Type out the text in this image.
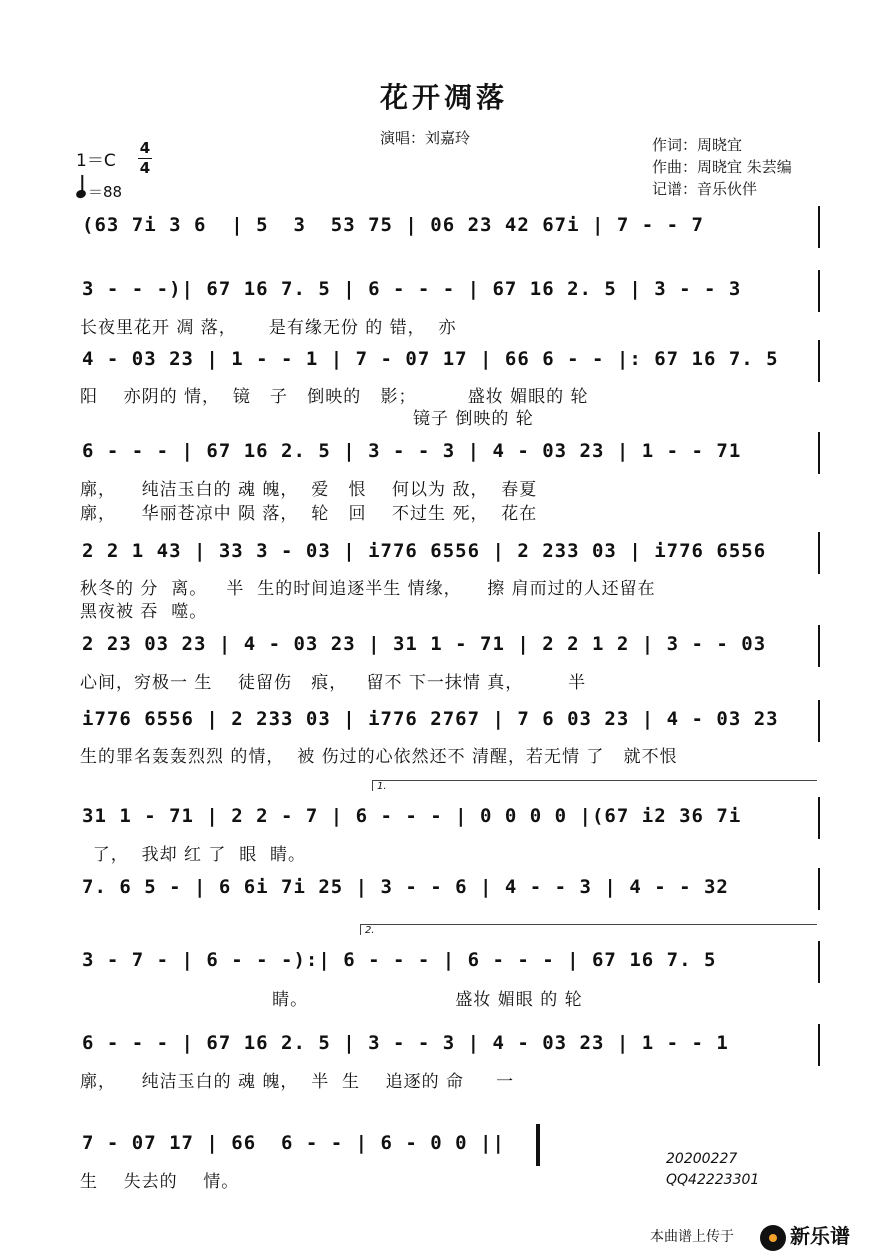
花开凋落
演唱：刘嘉玲	作词：周晓宜
作曲：周晓宜 朱芸编
记谱：音乐伙伴
1＝C
4
4
＝88
(63 7i 3 6  | 5  3  53 75 | 06 23 42 67i | 7 - - 7
3 - - -)| 67 16 7. 5 | 6 - - - | 67 16 2. 5 | 3 - - 3
长夜里花开 凋 落，     是有缘无份 的 错，  亦
4 - 03 23 | 1 - - 1 | 7 - 07 17 | 66 6 - - |: 67 16 7. 5
阳    亦阴的 情，  镜   子   倒映的   影；        盛妆 媚眼的 轮
镜子 倒映的 轮
6 - - - | 67 16 2. 5 | 3 - - 3 | 4 - 03 23 | 1 - - 71
廓，    纯洁玉白的 魂 魄，  爱   恨    何以为 敌，  春夏
廓，    华丽苍凉中 陨 落，  轮   回    不过生 死，  花在
2 2 1 43 | 33 3 - 03 | i776 6556 | 2 233 03 | i776 6556
秋冬的 分  离。   半  生的时间追逐半生 情缘，    擦 肩而过的人还留在
黑夜被 吞  噬。
2 23 03 23 | 4 - 03 23 | 31 1 - 71 | 2 2 1 2 | 3 - - 03
心间，穷极一 生    徒留伤   痕，   留不 下一抹情 真，       半
i776 6556 | 2 233 03 | i776 2767 | 7 6 03 23 | 4 - 03 23
生的罪名轰轰烈烈 的情，  被 伤过的心依然还不 清醒，若无情 了   就不恨
1.
31 1 - 71 | 2 2 - 7 | 6 - - - | 0 0 0 0 |(67 i2 36 7i
了，  我却 红 了  眼  睛。
7. 6 5 - | 6 6i 7i 25 | 3 - - 6 | 4 - - 3 | 4 - - 32
2.
3 - 7 - | 6 - - -):| 6 - - - | 6 - - - | 67 16 7. 5
睛。                       盛妆 媚眼 的 轮
6 - - - | 67 16 2. 5 | 3 - - 3 | 4 - 03 23 | 1 - - 1
廓，    纯洁玉白的 魂 魄，  半  生    追逐的 命     一
7 - 07 17 | 66  6 - - | 6 - 0 0 ||
生    失去的    情。
20200227
QQ42223301
本曲谱上传于	新乐谱
